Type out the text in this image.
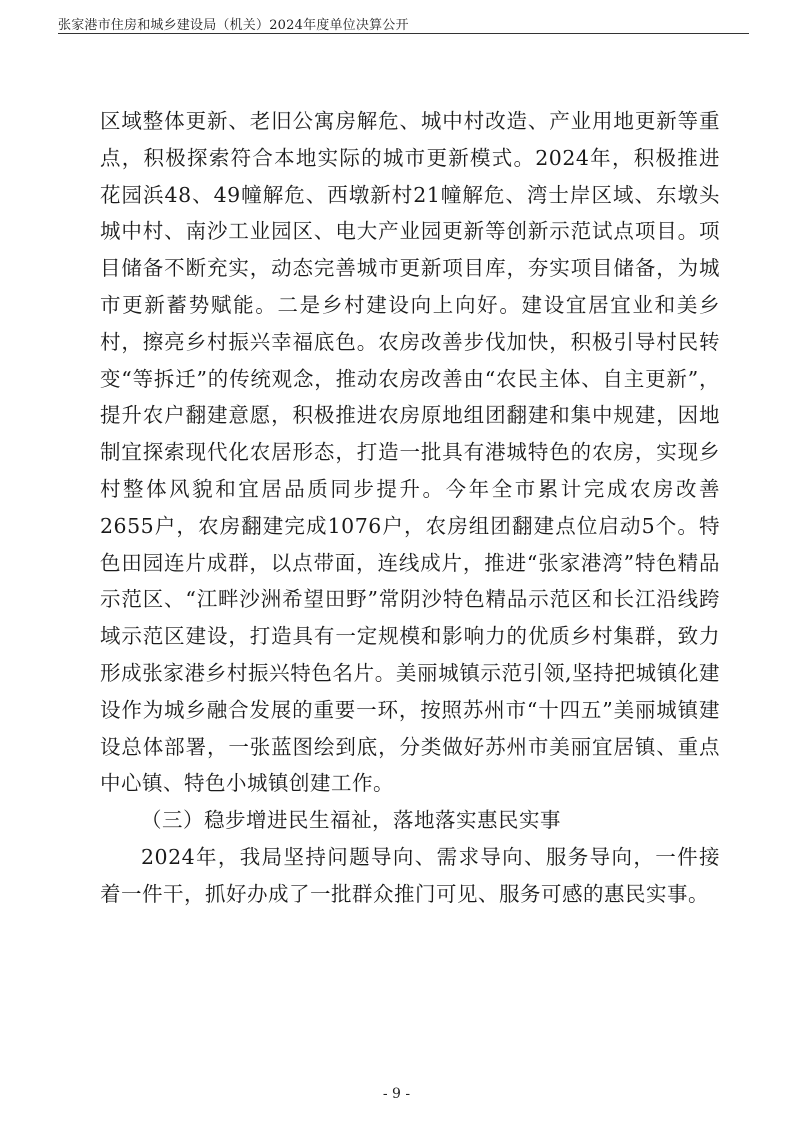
张家港市住房和城乡建设局（机关）2024年度单位决算公开

区域整体更新、老旧公寓房解危、城中村改造、产业用地更新等重点，积极探索符合本地实际的城市更新模式。2024年，积极推进花园浜48、49幢解危、西墩新村21幢解危、湾士岸区域、东墩头城中村、南沙工业园区、电大产业园更新等创新示范试点项目。项目储备不断充实，动态完善城市更新项目库，夯实项目储备，为城市更新蓄势赋能。二是乡村建设向上向好。建设宜居宜业和美乡村，擦亮乡村振兴幸福底色。农房改善步伐加快，积极引导村民转变“等拆迁”的传统观念，推动农房改善由“农民主体、自主更新”，提升农户翻建意愿，积极推进农房原地组团翻建和集中规建，因地制宜探索现代化农居形态，打造一批具有港城特色的农房，实现乡村整体风貌和宜居品质同步提升。今年全市累计完成农房改善2655户，农房翻建完成1076户，农房组团翻建点位启动5个。特色田园连片成群，以点带面，连线成片，推进“张家港湾”特色精品示范区、“江畔沙洲希望田野”常阴沙特色精品示范区和长江沿线跨域示范区建设，打造具有一定规模和影响力的优质乡村集群，致力形成张家港乡村振兴特色名片。美丽城镇示范引领,坚持把城镇化建设作为城乡融合发展的重要一环，按照苏州市“十四五”美丽城镇建设总体部署，一张蓝图绘到底，分类做好苏州市美丽宜居镇、重点中心镇、特色小城镇创建工作。

（三）稳步增进民生福祉，落地落实惠民实事

2024年，我局坚持问题导向、需求导向、服务导向，一件接着一件干，抓好办成了一批群众推门可见、服务可感的惠民实事。

- 9 -
